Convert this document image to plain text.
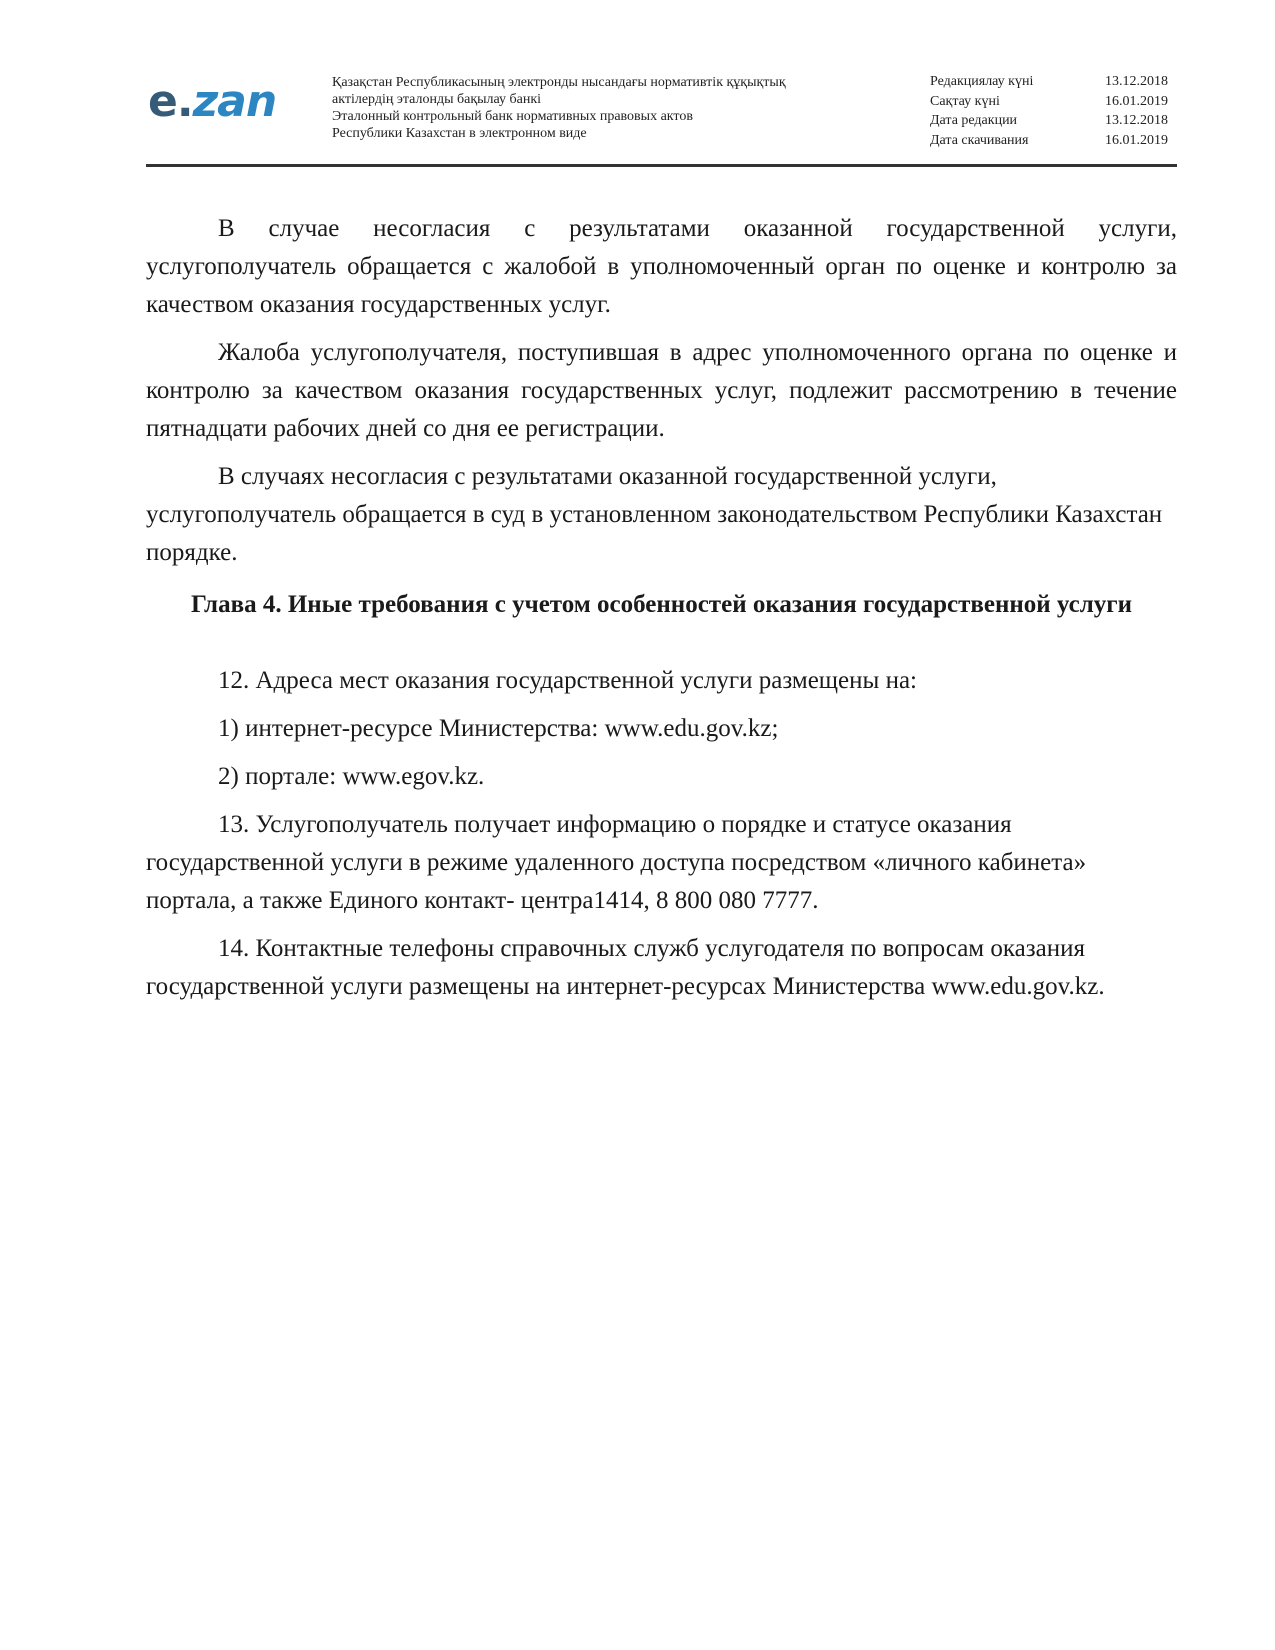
e.zan	Қазақстан Республикасының электронды нысандағы нормативтік құқықтық
актілердің эталонды бақылау банкі
Эталонный контрольный банк нормативных правовых актов
Республики Казахстан в электронном виде
Редакциялау күні	13.12.2018
Сақтау күні	16.01.2019
Дата редакции	13.12.2018
Дата скачивания	16.01.2019

В случае несогласия с результатами оказанной государственной услуги, услугополучатель обращается с жалобой в уполномоченный орган по оценке и контролю за качеством оказания государственных услуг.

Жалоба услугополучателя, поступившая в адрес уполномоченного органа по оценке и контролю за качеством оказания государственных услуг, подлежит рассмотрению в течение пятнадцати рабочих дней со дня ее регистрации.

В случаях несогласия с результатами оказанной государственной услуги, услугополучатель обращается в суд в установленном законодательством Республики Казахстан порядке.

Глава 4. Иные требования с учетом особенностей оказания государственной услуги

12. Адреса мест оказания государственной услуги размещены на:

1) интернет-ресурсе Министерства: www.edu.gov.kz;

2) портале: www.egov.kz.

13. Услугополучатель получает информацию о порядке и статусе оказания государственной услуги в режиме удаленного доступа посредством «личного кабинета» портала, а также Единого контакт- центра1414, 8 800 080 7777.

14. Контактные телефоны справочных служб услугодателя по вопросам оказания государственной услуги размещены на интернет-ресурсах Министерства www.edu.gov.kz.
